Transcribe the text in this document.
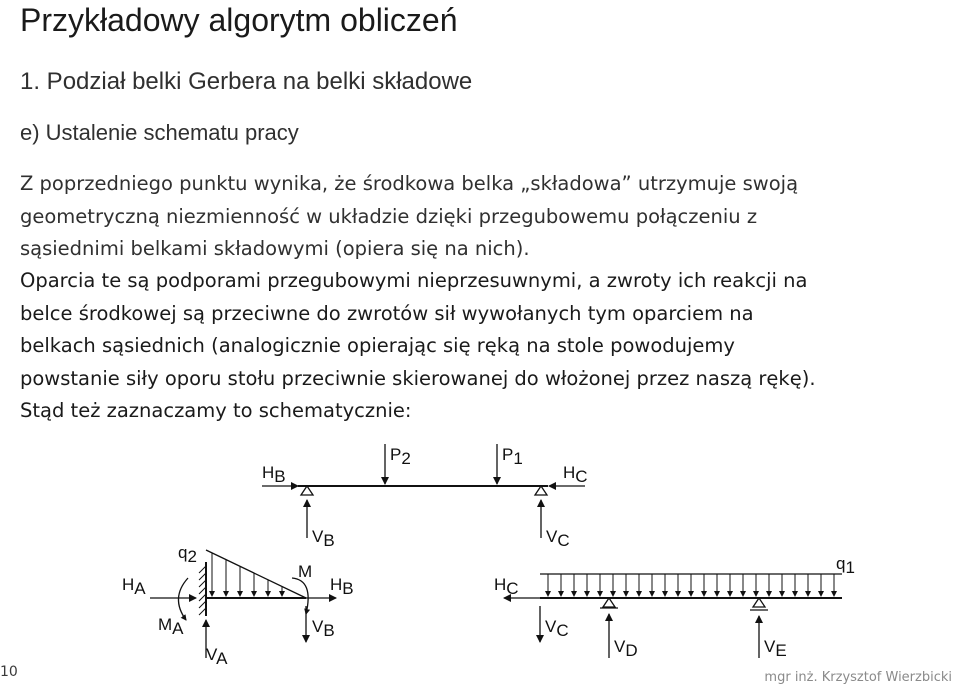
Przykładowy algorytm obliczeń
1. Podział belki Gerbera na belki składowe
e) Ustalenie schematu pracy
Z poprzedniego punktu wynika, że środkowa belka „składowa” utrzymuje swoją
geometryczną niezmienność w układzie dzięki przegubowemu połączeniu z
sąsiednimi belkami składowymi (opiera się na nich).
Oparcia te są podporami przegubowymi nieprzesuwnymi, a zwroty ich reakcji na
belce środkowej są przeciwne do zwrotów sił wywołanych tym oparciem na
belkach sąsiednich (analogicznie opierając się ręką na stole powodujemy
powstanie siły oporu stołu przeciwnie skierowanej do włożonej przez naszą rękę).
Stąd też zaznaczamy to schematycznie:
P2	P1
HB	HC
VB	VC
q2
M
HA
MA
VA
HB
VB
q1
HC
VC
VD	VE
10	mgr inż. Krzysztof Wierzbicki
